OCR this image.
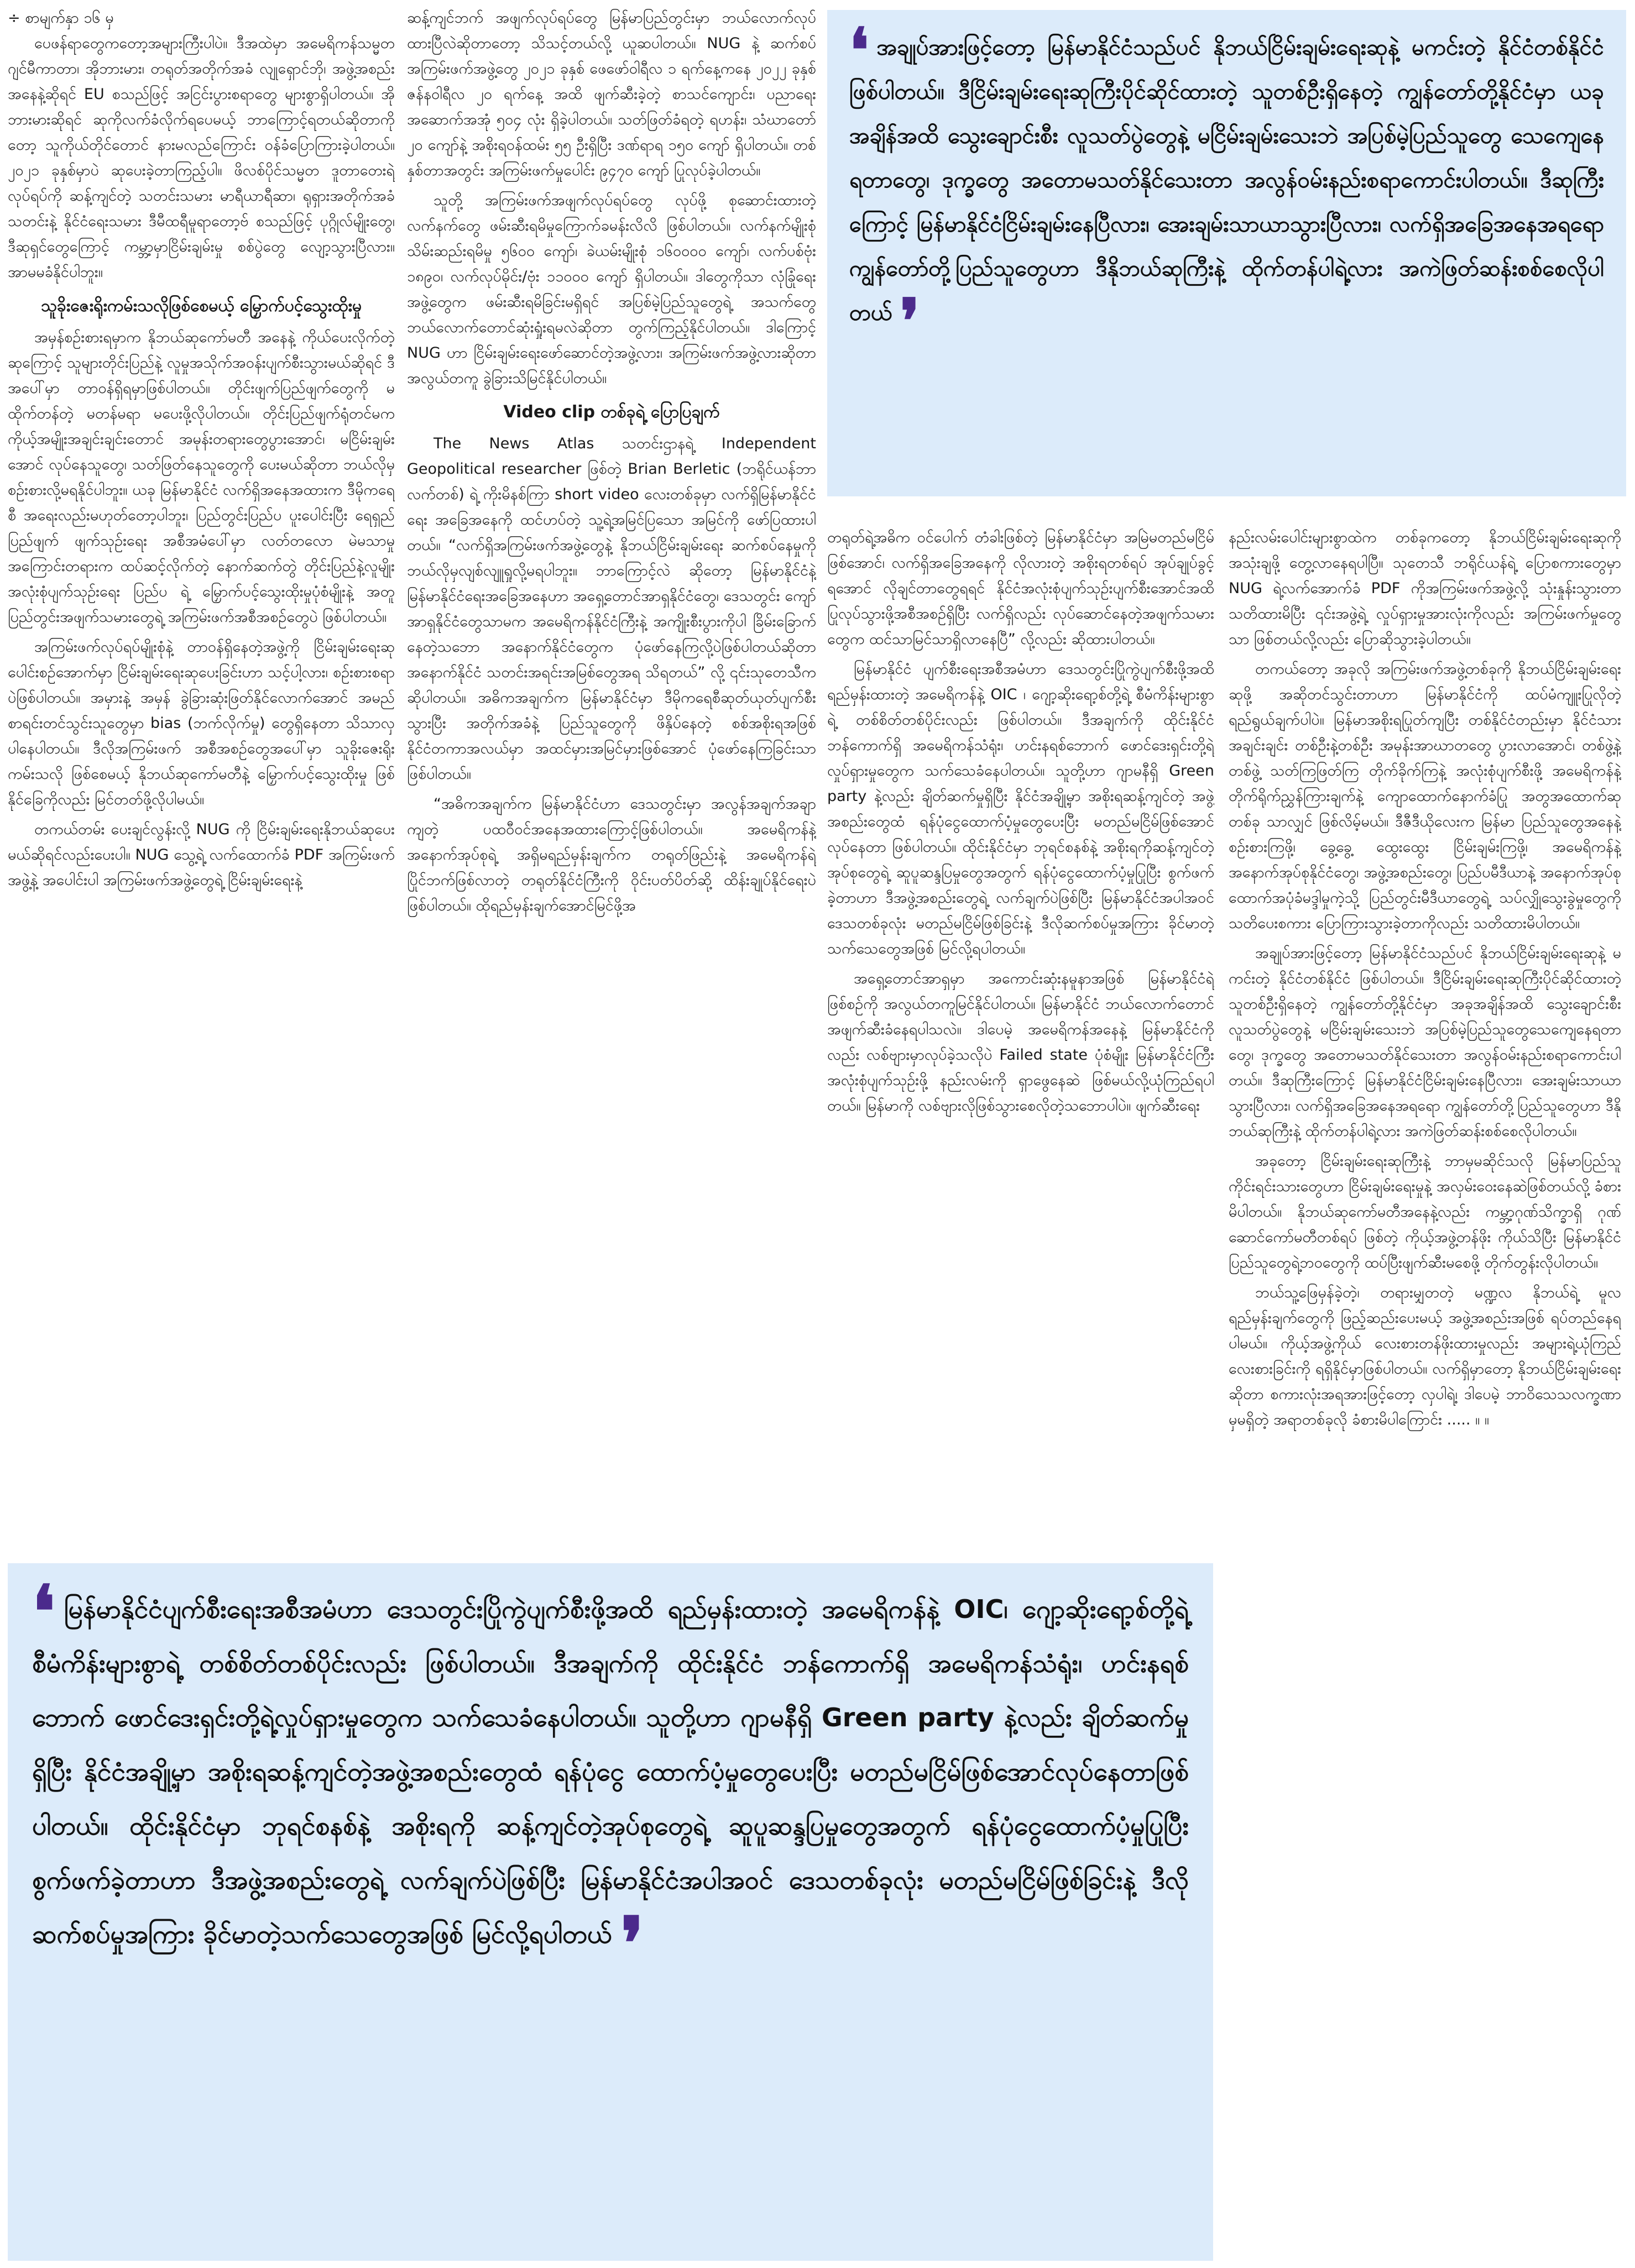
÷ စာမျက်နှာ ၁၆ မှ

ပေဖန်ရာတွေကတော့အများကြီးပါပဲ။ ဒီအထဲမှာ အမေရိကန်သမ္မတ ဂျင်မီကာတာ၊ အိုဘားမား၊ တရုတ်အတိုက်အခံ လျုရှောင်ဘို၊ အဖွဲ့အစည်းအနေနဲ့ဆိုရင် EU စသည်ဖြင့် အငြင်းပွားစရာတွေ များစွာရှိပါတယ်။ အိုဘားမားဆိုရင် ဆုကိုလက်ခံလိုက်ရပေမယ့် ဘာကြောင့်ရတယ်ဆိုတာကိုတော့ သူကိုယ်တိုင်တောင် နားမလည်ကြောင်း ဝန်ခံပြောကြားခဲ့ပါတယ်။ ၂၀၂၁ ခုနှစ်မှာပဲ ဆုပေးခဲ့တာကြည့်ပါ။ ဖိလစ်ပိုင်သမ္မတ ဒူတာတေးရဲ့လုပ်ရပ်ကို ဆန့်ကျင်တဲ့ သတင်းသမား မာရီယာရီဆာ၊ ရုရှားအတိုက်အခံသတင်းနဲ့ နိုင်ငံရေးသမား ဒီမီထရီမူရာတော့ဗ် စသည်ဖြင့် ပုဂ္ဂိုလ်မျိုးတွေ၊ ဒီဆုရှင်တွေကြောင့် ကမ္ဘာ့မှာငြိမ်းချမ်းမှု စစ်ပွဲတွေ လျော့သွားပြီလား။ အာမမခံနိုင်ပါဘူး။

သူခိုးဇေးရိုးကမ်းသလိုဖြစ်စေမယ့် မြှောက်ပင့်သွေးထိုးမှု

အမှန်စဉ်းစားရမှာက နိုဘယ်ဆုကော်မတီ အနေနဲ့ ကိုယ်ပေးလိုက်တဲ့ဆုကြောင့် သူများတိုင်းပြည်နဲ့ လူမှုအသိုက်အဝန်းပျက်စီးသွားမယ်ဆိုရင် ဒီအပေါ်မှာ တာဝန်ရှိရမှာဖြစ်ပါတယ်။ တိုင်းဖျက်ပြည်ဖျက်တွေကို မထိုက်တန်တဲ့ မတန်မရာ မပေးဖို့လိုပါတယ်။ တိုင်းပြည်ဖျက်ရုံတင်မက ကိုယ့်အမျိုးအချင်းချင်းတောင် အမုန်းတရားတွေပွားအောင်၊ မငြိမ်းချမ်းအောင် လုပ်နေသူတွေ၊ သတ်ဖြတ်နေသူတွေကို ပေးမယ်ဆိုတာ ဘယ်လိုမှ စဉ်းစားလို့မရနိုင်ပါဘူး။ ယခု မြန်မာနိုင်ငံ လက်ရှိအနေအထားက ဒီမိုကရေစီ အရေးလည်းမဟုတ်တော့ပါဘူး၊ ပြည်တွင်းပြည်ပ ပူးပေါင်းပြီး ရေရှည်ပြည်ဖျက် ဖျက်သုဉ်းရေး အစီအမံပေါ်မှာ လတ်တလော မဲမသာမှုအကြောင်းတရားက ထပ်ဆင့်လိုက်တဲ့ နောက်ဆက်တွဲ တိုင်းပြည်နဲ့လူမျိုး အလုံးစုံပျက်သုဉ်းရေး ပြည်ပ ရဲ့ မြှောက်ပင့်သွေးထိုးမှုပုံစံမျိုးနဲ့ အတူ ပြည်တွင်းအဖျက်သမားတွေရဲ့ အကြမ်းဖက်အစီအစဉ်တွေပဲ ဖြစ်ပါတယ်။

အကြမ်းဖက်လုပ်ရပ်မျိုးစုံနဲ့ တာဝန်ရှိနေတဲ့အဖွဲ့ကို ငြိမ်းချမ်းရေးဆုပေါင်းစဉ်အောက်မှာ ငြိမ်းချမ်းရေးဆုပေးခြင်းဟာ သင့်ပါ့လား၊ စဉ်းစားစရာပဲဖြစ်ပါတယ်။ အမှားနဲ့ အမှန် ခွဲခြားဆုံးဖြတ်နိုင်လောက်အောင် အမည်စာရင်းတင်သွင်းသူတွေမှာ bias (ဘက်လိုက်မှု) တွေရှိနေတာ သိသာလှပါနေပါတယ်။ ဒီလိုအကြမ်းဖက် အစီအစဉ်တွေအပေါ်မှာ သူခိုးဇေးရိုးကမ်းသလို ဖြစ်စေမယ့် နိုဘယ်ဆုကော်မတီနဲ့ မြှောက်ပင့်သွေးထိုးမှု ဖြစ်နိုင်ခြေကိုလည်း မြင်တတ်ဖို့လိုပါမယ်။

တကယ်တမ်း ပေးချင်လွန်းလို့ NUG ကို ငြိမ်းချမ်းရေးနိုဘယ်ဆုပေးမယ်ဆိုရင်လည်းပေးပါ။ NUG သွေ့ရဲ့ လက်ထောက်ခံ PDF အကြမ်းဖက်အဖွဲ့နဲ့ အပေါင်းပါ အကြမ်းဖက်အဖွဲ့တွေရဲ့ ငြိမ်းချမ်းရေးနဲ့

ဆန့်ကျင်ဘက် အဖျက်လုပ်ရပ်တွေ မြန်မာပြည်တွင်းမှာ ဘယ်လောက်လုပ်ထားပြီလဲဆိုတာတော့ သိသင့်တယ်လို့ ယူဆပါတယ်။ NUG နဲ့ ဆက်စပ်အကြမ်းဖက်အဖွဲ့တွေ ၂၀၂၁ ခုနှစ် ဖေဖော်ဝါရီလ ၁ ရက်နေ့ကနေ ၂၀၂၂ ခုနှစ် ဇန်နဝါရီလ ၂၀ ရက်နေ့ အထိ ဖျက်ဆီးခဲ့တဲ့ စာသင်ကျောင်း၊ ပညာရေးအဆောက်အအုံ ၅၀၄ လုံး ရှိခဲ့ပါတယ်။ သတ်ဖြတ်ခံရတဲ့ ရဟန်း၊ သံဃာတော် ၂၀ ကျော်နဲ့ အစိုးရဝန်ထမ်း ၅၅ ဦးရှိပြီး ဒဏ်ရာရ ၁၅၀ ကျော် ရှိပါတယ်။ တစ်နှစ်တာအတွင်း အကြမ်းဖက်မှုပေါင်း ၉၄၇၀ ကျော် ပြုလုပ်ခဲ့ပါတယ်။

သူတို့ အကြမ်းဖက်အဖျက်လုပ်ရပ်တွေ လုပ်ဖို့ စုဆောင်းထားတဲ့ လက်နက်တွေ ဖမ်းဆီးရမိမှုကြောက်ခမန်းလိလိ ဖြစ်ပါတယ်။ လက်နက်မျိုးစုံ သိမ်းဆည်းရမိမှု ၅၆၀၀ ကျော်၊ ခဲယမ်းမျိုးစုံ ၁၆၀၀၀၀ ကျော်၊ လက်ပစ်ဗုံး ၁၈၉၀၊ လက်လုပ်မိုင်း/ဗုံး ၁၁၀၀၀ ကျော် ရှိပါတယ်။ ဒါတွေကိုသာ လုံခြုံရေးအဖွဲ့တွေက ဖမ်းဆီးရမိခြင်းမရှိရင် အပြစ်မဲ့ပြည်သူတွေရဲ့ အသက်တွေ ဘယ်လောက်တောင်ဆုံးရှုံးရမလဲဆိုတာ တွက်ကြည့်နိုင်ပါတယ်။ ဒါကြောင့် NUG ဟာ ငြိမ်းချမ်းရေးဖော်ဆောင်တဲ့အဖွဲ့လား၊ အကြမ်းဖက်အဖွဲ့လားဆိုတာ အလွယ်တကူ ခွဲခြားသိမြင်နိုင်ပါတယ်။

Video clip တစ်ခုရဲ့ ပြောပြချက်

The News Atlas သတင်းဌာနရဲ့ Independent Geopolitical researcher ဖြစ်တဲ့ Brian Berletic (ဘရိုင်ယန်ဘာလက်တစ်) ရဲ့ ကိုးမိနစ်ကြာ short video လေးတစ်ခုမှာ လက်ရှိမြန်မာနိုင်ငံရေး အခြေအနေကို ထင်ဟပ်တဲ့ သူ့ရဲ့အမြင်ပြသော အမြင်ကို ဖော်ပြထားပါတယ်။ “လက်ရှိအကြမ်းဖက်အဖွဲ့တွေနဲ့ နိုဘယ်ငြိမ်းချမ်းရေး ဆက်စပ်နေမှုကို ဘယ်လိုမှလျစ်လျူရှုလို့မရပါဘူး။ ဘာကြောင့်လဲ ဆိုတော့ မြန်မာနိုင်ငံနဲ့ မြန်မာနိုင်ငံရေးအခြေအနေဟာ အရှေ့တောင်အာရှနိုင်ငံတွေ၊ ဒေသတွင်း ကျော်အာရှနိုင်ငံတွေသာမက အမေရိကန်နိုင်ငံကြီးနဲ့ အကျိုးစီးပွားကိုပါ ခြိမ်းခြောက်နေတဲ့သဘော အနောက်နိုင်ငံတွေက ပုံဖော်နေကြလို့ပဲဖြစ်ပါတယ်ဆိုတာ အနောက်နိုင်ငံ သတင်းအရင်းအမြစ်တွေအရ သိရတယ်” လို့ ၎င်းသုတေသီက ဆိုပါတယ်။ အဓိကအချက်က မြန်မာနိုင်ငံမှာ ဒီမိုကရေစီဆုတ်ယုတ်ပျက်စီးသွားပြီး အတိုက်အခံနဲ့ ပြည်သူတွေကို ဖိနှိပ်နေတဲ့ စစ်အစိုးရအဖြစ် နိုင်ငံတကာအလယ်မှာ အထင်မှားအမြင်မှားဖြစ်အောင် ပုံဖော်နေကြခြင်းသာဖြစ်ပါတယ်။

“အဓိကအချက်က မြန်မာနိုင်ငံဟာ ဒေသတွင်းမှာ အလွန်အချက်အချာကျတဲ့ ပထဝီဝင်အနေအထားကြောင့်ဖြစ်ပါတယ်။ အမေရိကန်နဲ့ အနောက်အုပ်စုရဲ့ အရှိမရည်မှန်းချက်က တရုတ်ဖြည်းနဲ့ အမေရိကန်ရဲ့ပြိုင်ဘက်ဖြစ်လာတဲ့ တရုတ်နိုင်ငံကြီးကို ဝိုင်းပတ်ပိတ်ဆို့ ထိန်းချုပ်နိုင်ရေးပဲ ဖြစ်ပါတယ်။ ထိုရည်မှန်းချက်အောင်မြင်ဖို့အ

❛ အချုပ်အားဖြင့်တော့ မြန်မာနိုင်ငံသည်ပင် နိုဘယ်ငြိမ်းချမ်းရေးဆုနဲ့ မကင်းတဲ့ နိုင်ငံတစ်နိုင်ငံ ဖြစ်ပါတယ်။ ဒီငြိမ်းချမ်းရေးဆုကြီးပိုင်ဆိုင်ထားတဲ့ သူတစ်ဦးရှိနေတဲ့ ကျွန်တော်တို့နိုင်ငံမှာ ယခုအချိန်အထိ သွေးချောင်းစီး လူသတ်ပွဲတွေနဲ့ မငြိမ်းချမ်းသေးဘဲ အပြစ်မဲ့ပြည်သူတွေ သေကျေနေရတာတွေ၊ ဒုက္ခတွေ အတောမသတ်နိုင်သေးတာ အလွန်ဝမ်းနည်းစရာကောင်းပါတယ်။ ဒီဆုကြီးကြောင့် မြန်မာနိုင်ငံငြိမ်းချမ်းနေပြီလား၊ အေးချမ်းသာယာသွားပြီလား၊ လက်ရှိအခြေအနေအရရော ကျွန်တော်တို့ပြည်သူတွေဟာ ဒီနိုဘယ်ဆုကြီးနဲ့ ထိုက်တန်ပါရဲ့လား အကဲဖြတ်ဆန်းစစ်စေလိုပါတယ် ❜

တရုတ်ရဲ့အဓိက ဝင်ပေါက် တံခါးဖြစ်တဲ့ မြန်မာနိုင်ငံမှာ အမြဲမတည်မငြိမ်ဖြစ်အောင်၊ လက်ရှိအခြေအနေကို လိုလားတဲ့ အစိုးရတစ်ရပ် အုပ်ချုပ်ခွင့်ရအောင် လိုချင်တာတွေရရင် နိုင်ငံအလုံးစုံပျက်သုဉ်းပျက်စီးအောင်အထိ ပြုလုပ်သွားဖို့အစီအစဉ်ရှိပြီး လက်ရှိလည်း လုပ်ဆောင်နေတဲ့အဖျက်သမားတွေက ထင်သာမြင်သာရှိလာနေပြီ” လို့လည်း ဆိုထားပါတယ်။

မြန်မာနိုင်ငံ ပျက်စီးရေးအစီအမံဟာ ဒေသတွင်းပြိုကွဲပျက်စီးဖို့အထိ ရည်မှန်းထားတဲ့ အမေရိကန်နဲ့ OIC ၊ ဂျော့ဆိုးရော့စ်တို့ရဲ့ စီမံကိန်းများစွာရဲ့ တစ်စိတ်တစ်ပိုင်းလည်း ဖြစ်ပါတယ်။ ဒီအချက်ကို ထိုင်းနိုင်ငံ ဘန်ကောက်ရှိ အမေရိကန်သံရုံး၊ ဟင်းနရစ်ဘောက် ဖောင်ဒေးရှင်းတို့ရဲ့လှုပ်ရှားမှုတွေက သက်သေခံနေပါတယ်။ သူတို့ဟာ ဂျာမနီရှိ Green party နဲ့လည်း ချိတ်ဆက်မှုရှိပြီး နိုင်ငံအချို့မှာ အစိုးရဆန့်ကျင်တဲ့ အဖွဲ့အစည်းတွေထံ ရန်ပုံငွေထောက်ပံ့မှုတွေပေးပြီး မတည်မငြိမ်ဖြစ်အောင်လုပ်နေတာ ဖြစ်ပါတယ်။ ထိုင်းနိုင်ငံမှာ ဘုရင်စနစ်နဲ့ အစိုးရကိုဆန့်ကျင်တဲ့အုပ်စုတွေရဲ့ ဆူပူဆန္ဒပြမှုတွေအတွက် ရန်ပုံငွေထောက်ပံ့မှုပြုပြီး စွက်ဖက်ခဲ့တာဟာ ဒီအဖွဲ့အစည်းတွေရဲ့ လက်ချက်ပဲဖြစ်ပြီး မြန်မာနိုင်ငံအပါအဝင် ဒေသတစ်ခုလုံး မတည်မငြိမ်ဖြစ်ခြင်းနဲ့ ဒီလိုဆက်စပ်မှုအကြား ခိုင်မာတဲ့သက်သေတွေအဖြစ် မြင်လို့ရပါတယ်။

အရှေ့တောင်အာရှမှာ အကောင်းဆုံးနမူနာအဖြစ် မြန်မာနိုင်ငံရဲ့ဖြစ်စဉ်ကို အလွယ်တကူမြင်နိုင်ပါတယ်။ မြန်မာနိုင်ငံ ဘယ်လောက်တောင် အဖျက်ဆီးခံနေရပါသလဲ။ ဒါပေမဲ့ အမေရိကန်အနေနဲ့ မြန်မာနိုင်ငံကိုလည်း လစ်ဗျားမှာလုပ်ခဲ့သလိုပဲ Failed state ပုံစံမျိုး မြန်မာနိုင်ငံကြီး အလုံးစုံပျက်သုဉ်းဖို့ နည်းလမ်းကို ရှာဖွေနေဆဲ ဖြစ်မယ်လို့ယုံကြည်ရပါတယ်။ မြန်မာကို လစ်ဗျားလိုဖြစ်သွားစေလိုတဲ့သဘောပါပဲ။ ဖျက်ဆီးရေး

နည်းလမ်းပေါင်းများစွာထဲက တစ်ခုကတော့ နိုဘယ်ငြိမ်းချမ်းရေးဆုကို အသုံးချဖို့ တွေ့လာနေရပါပြီ။ သုတေသီ ဘရိုင်ယန်ရဲ့ ပြောစကားတွေမှာ NUG ရဲ့လက်အောက်ခံ PDF ကိုအကြမ်းဖက်အဖွဲ့လို့ သုံးနှုန်းသွားတာ သတိထားမိပြီး ၎င်းအဖွဲ့ရဲ့ လှုပ်ရှားမှုအားလုံးကိုလည်း အကြမ်းဖက်မှုတွေသာ ဖြစ်တယ်လို့လည်း ပြောဆိုသွားခဲ့ပါတယ်။

တကယ်တော့ အခုလို အကြမ်းဖက်အဖွဲ့တစ်ခုကို နိုဘယ်ငြိမ်းချမ်းရေးဆုဖို့ အဆိုတင်သွင်းတာဟာ မြန်မာနိုင်ငံကို ထပ်မံကျူးပြုလိုတဲ့ ရည်ရွယ်ချက်ပါပဲ။ မြန်မာအစိုးရပြုတ်ကျပြီး တစ်နိုင်ငံတည်းမှာ နိုင်ငံသားအချင်းချင်း တစ်ဦးနဲ့တစ်ဦး အမုန်းအာဃာတတွေ ပွားလာအောင်၊ တစ်ဖွဲ့နဲ့တစ်ဖွဲ့ သတ်ကြဖြတ်ကြ တိုက်ခိုက်ကြနဲ့ အလုံးစုံပျက်စီးဖို့ အမေရိကန်နဲ့ တိုက်ရိုက်ညွှန်ကြားချက်နဲ့ ကျောထောက်နောက်ခံပြု အတွအထောက်ဆုတစ်ခု သာလျှင် ဖြစ်လိမ့်မယ်။ ဒီဇီဒီယိုလေးက မြန်မာ ပြည်သူတွေအနေနဲ့စဉ်းစားကြဖို့၊ ခွေ့ခွေ့ ထွေးထွေး ငြိမ်းချမ်းကြဖို့၊ အမေရိကန်နဲ့ အနောက်အုပ်စုနိုင်ငံတွေ၊ အဖွဲ့အစည်းတွေ၊ ပြည်ပမီဒီယာနဲ့ အနောက်အုပ်စုထောက်အပုံခံမဒ္ဒါမှုကဲ့သို့ ပြည်တွင်းမီဒီယာတွေရဲ့ သပ်လျှိုသွေးခွဲမှုတွေကို သတိပေးစကား ပြောကြားသွားခဲ့တာကိုလည်း သတိထားမိပါတယ်။

အချုပ်အားဖြင့်တော့ မြန်မာနိုင်ငံသည်ပင် နိုဘယ်ငြိမ်းချမ်းရေးဆုနဲ့ မကင်းတဲ့ နိုင်ငံတစ်နိုင်ငံ ဖြစ်ပါတယ်။ ဒီငြိမ်းချမ်းရေးဆုကြီးပိုင်ဆိုင်ထားတဲ့ သူတစ်ဦးရှိနေတဲ့ ကျွန်တော်တို့နိုင်ငံမှာ အခုအချိန်အထိ သွေးချောင်းစီးလူသတ်ပွဲတွေနဲ့ မငြိမ်းချမ်းသေးဘဲ အပြစ်မဲ့ပြည်သူတွေသေကျေနေရတာတွေ၊ ဒုက္ခတွေ အတောမသတ်နိုင်သေးတာ အလွန်ဝမ်းနည်းစရာကောင်းပါတယ်။ ဒီဆုကြီးကြောင့် မြန်မာနိုင်ငံငြိမ်းချမ်းနေပြီလား၊ အေးချမ်းသာယာသွားပြီလား၊ လက်ရှိအခြေအနေအရရော ကျွန်တော်တို့ပြည်သူတွေဟာ ဒီနိုဘယ်ဆုကြီးနဲ့ ထိုက်တန်ပါရဲ့လား အကဲဖြတ်ဆန်းစစ်စေလိုပါတယ်။

အခုတော့ ငြိမ်းချမ်းရေးဆုကြီးနဲ့ ဘာမှမဆိုင်သလို မြန်မာပြည်သူ ကိုင်းရင်းသားတွေဟာ ငြိမ်းချမ်းရေးမှုနဲ့ အလှမ်းဝေးနေဆဲဖြစ်တယ်လို့ ခံစားမိပါတယ်။ နိုဘယ်ဆုကော်မတီအနေနဲ့လည်း ကမ္ဘာ့ဂုဏ်သိက္ခာရှိ ဂုဏ်ဆောင်ကော်မတီတစ်ရပ် ဖြစ်တဲ့ ကိုယ့်အဖွဲ့တန်ဖိုး ကိုယ်သိပြီး မြန်မာနိုင်ငံပြည်သူတွေရဲ့ဘဝတွေကို ထပ်ပြီးဖျက်ဆီးမစေဖို့ တိုက်တွန်းလိုပါတယ်။

ဘယ်သူ့ဖြေမှန်ခဲ့တဲ့၊ တရားမျှတတဲ့ မဏ္ဍလ နိုဘယ်ရဲ့ မူလရည်မှန်းချက်တွေကို ဖြည့်ဆည်းပေးမယ့် အဖွဲ့အစည်းအဖြစ် ရပ်တည်နေရပါမယ်။ ကိုယ့်အဖွဲ့ကိုယ် လေးစားတန်ဖိုးထားမှုလည်း အများရဲ့ယုံကြည်လေးစားခြင်းကို ရရှိနိုင်မှာဖြစ်ပါတယ်။ လက်ရှိမှာတော့ နိုဘယ်ငြိမ်းချမ်းရေးဆိုတာ စကားလုံးအရအားဖြင့်တော့ လှပါရဲ့၊ ဒါပေမဲ့ ဘာဝိသေသလက္ခဏာမှမရှိတဲ့ အရာတစ်ခုလို ခံစားမိပါကြောင်း ..... ။ ။

❛ မြန်မာနိုင်ငံပျက်စီးရေးအစီအမံဟာ ဒေသတွင်းပြိုကွဲပျက်စီးဖို့အထိ ရည်မှန်းထားတဲ့ အမေရိကန်နဲ့ OIC၊ ဂျော့ဆိုးရော့စ်တို့ရဲ့ စီမံကိန်းများစွာရဲ့ တစ်စိတ်တစ်ပိုင်းလည်း ဖြစ်ပါတယ်။ ဒီအချက်ကို ထိုင်းနိုင်ငံ ဘန်ကောက်ရှိ အမေရိကန်သံရုံး၊ ဟင်းနရစ်ဘောက် ဖောင်ဒေးရှင်းတို့ရဲ့လှုပ်ရှားမှုတွေက သက်သေခံနေပါတယ်။ သူတို့ဟာ ဂျာမနီရှိ Green party နဲ့လည်း ချိတ်ဆက်မှုရှိပြီး နိုင်ငံအချို့မှာ အစိုးရဆန့်ကျင်တဲ့အဖွဲ့အစည်းတွေထံ ရန်ပုံငွေ ထောက်ပံ့မှုတွေပေးပြီး မတည်မငြိမ်ဖြစ်အောင်လုပ်နေတာဖြစ်ပါတယ်။ ထိုင်းနိုင်ငံမှာ ဘုရင်စနစ်နဲ့ အစိုးရကို ဆန့်ကျင်တဲ့အုပ်စုတွေရဲ့ ဆူပူဆန္ဒပြမှုတွေအတွက် ရန်ပုံငွေထောက်ပံ့မှုပြုပြီး စွက်ဖက်ခဲ့တာဟာ ဒီအဖွဲ့အစည်းတွေရဲ့ လက်ချက်ပဲဖြစ်ပြီး မြန်မာနိုင်ငံအပါအဝင် ဒေသတစ်ခုလုံး မတည်မငြိမ်ဖြစ်ခြင်းနဲ့ ဒီလိုဆက်စပ်မှုအကြား ခိုင်မာတဲ့သက်သေတွေအဖြစ် မြင်လို့ရပါတယ် ❜
